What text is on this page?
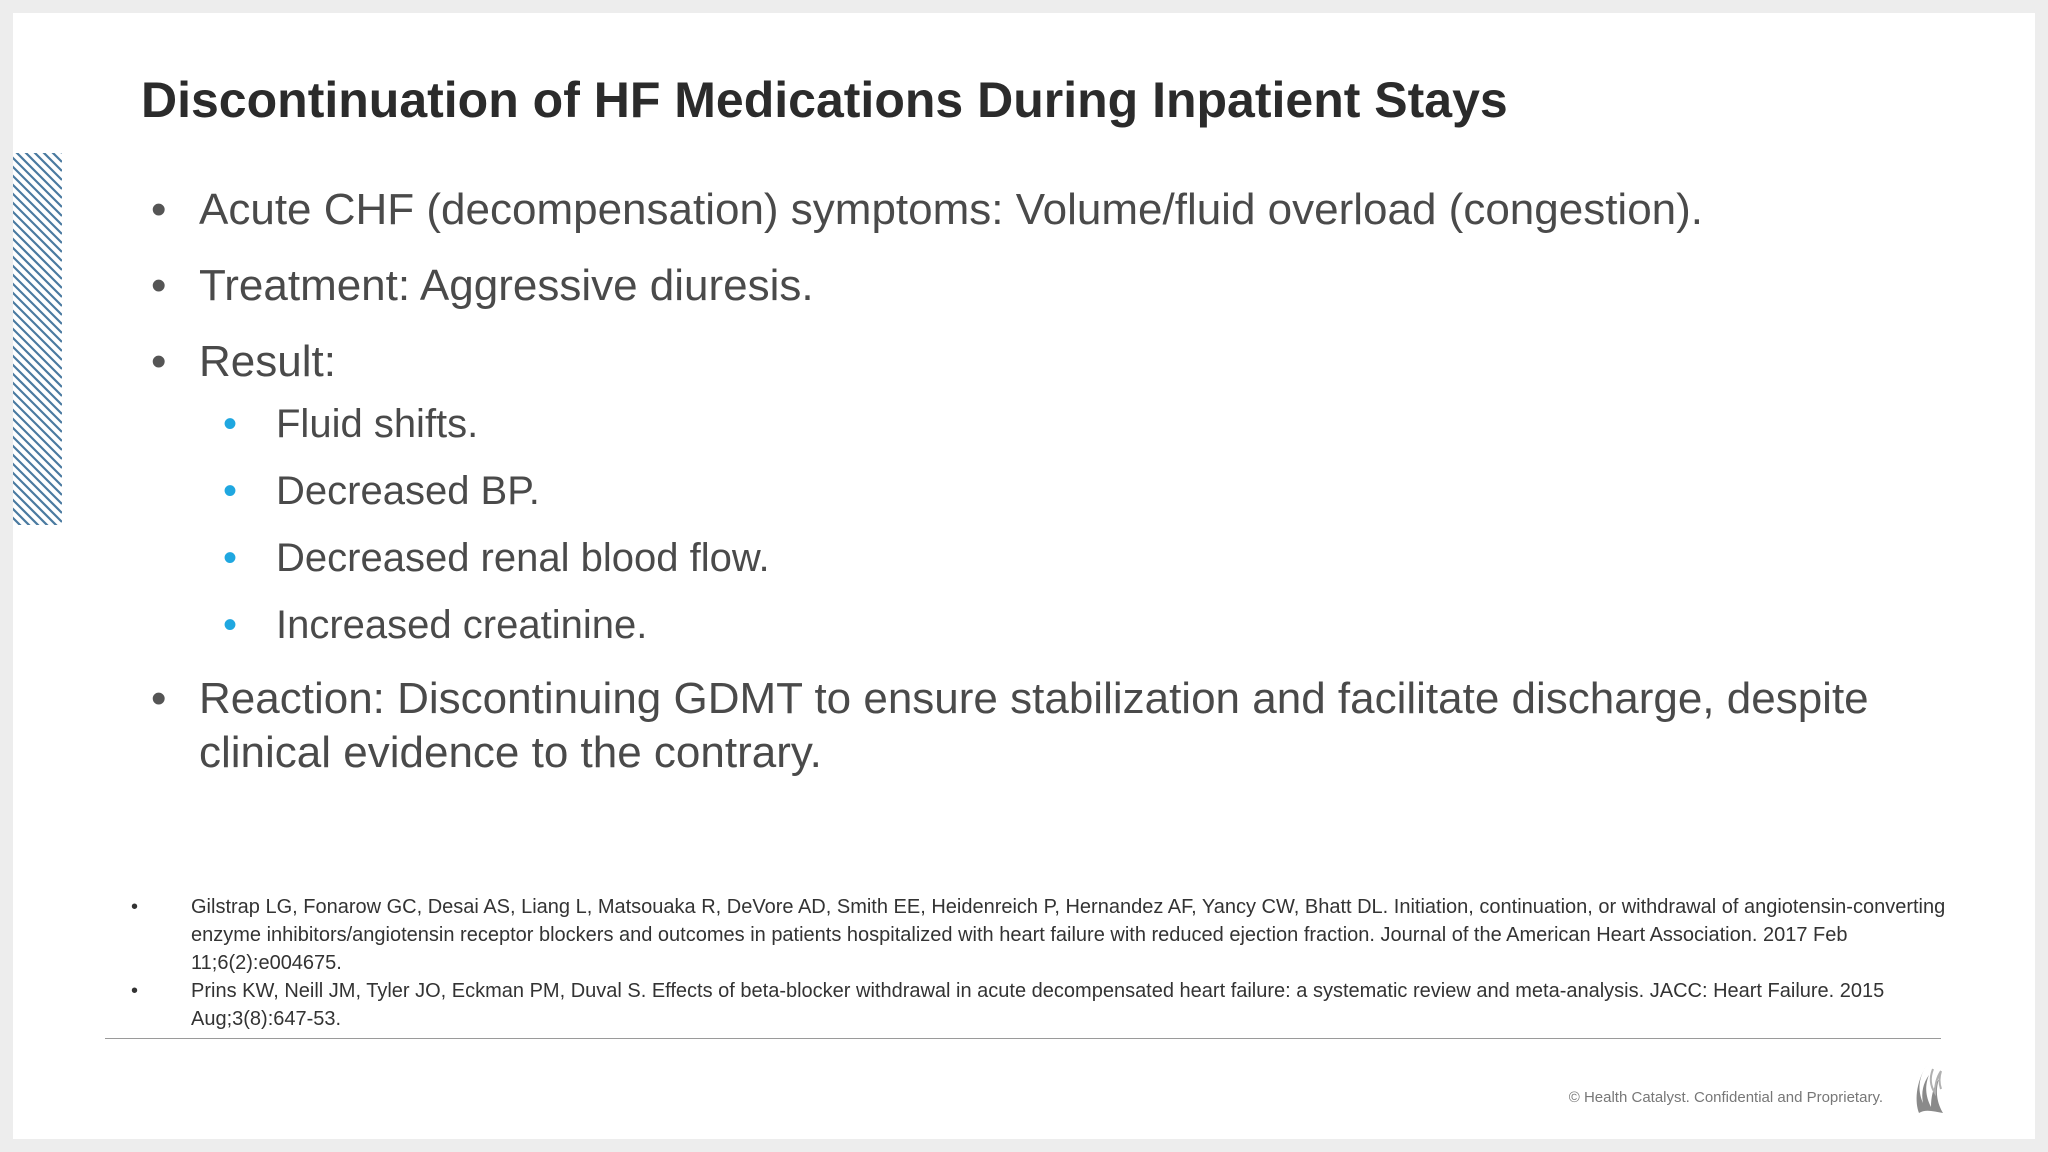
Discontinuation of HF Medications During Inpatient Stays
• Acute CHF (decompensation) symptoms: Volume/fluid overload (congestion).
• Treatment: Aggressive diuresis.
• Result:
• Fluid shifts.
• Decreased BP.
• Decreased renal blood flow.
• Increased creatinine.
• Reaction: Discontinuing GDMT to ensure stabilization and facilitate discharge, despite clinical evidence to the contrary.
• Gilstrap LG, Fonarow GC, Desai AS, Liang L, Matsouaka R, DeVore AD, Smith EE, Heidenreich P, Hernandez AF, Yancy CW, Bhatt DL. Initiation, continuation, or withdrawal of angiotensin-converting enzyme inhibitors/angiotensin receptor blockers and outcomes in patients hospitalized with heart failure with reduced ejection fraction. Journal of the American Heart Association. 2017 Feb 11;6(2):e004675.
• Prins KW, Neill JM, Tyler JO, Eckman PM, Duval S. Effects of beta-blocker withdrawal in acute decompensated heart failure: a systematic review and meta-analysis. JACC: Heart Failure. 2015 Aug;3(8):647-53.
© Health Catalyst. Confidential and Proprietary.
